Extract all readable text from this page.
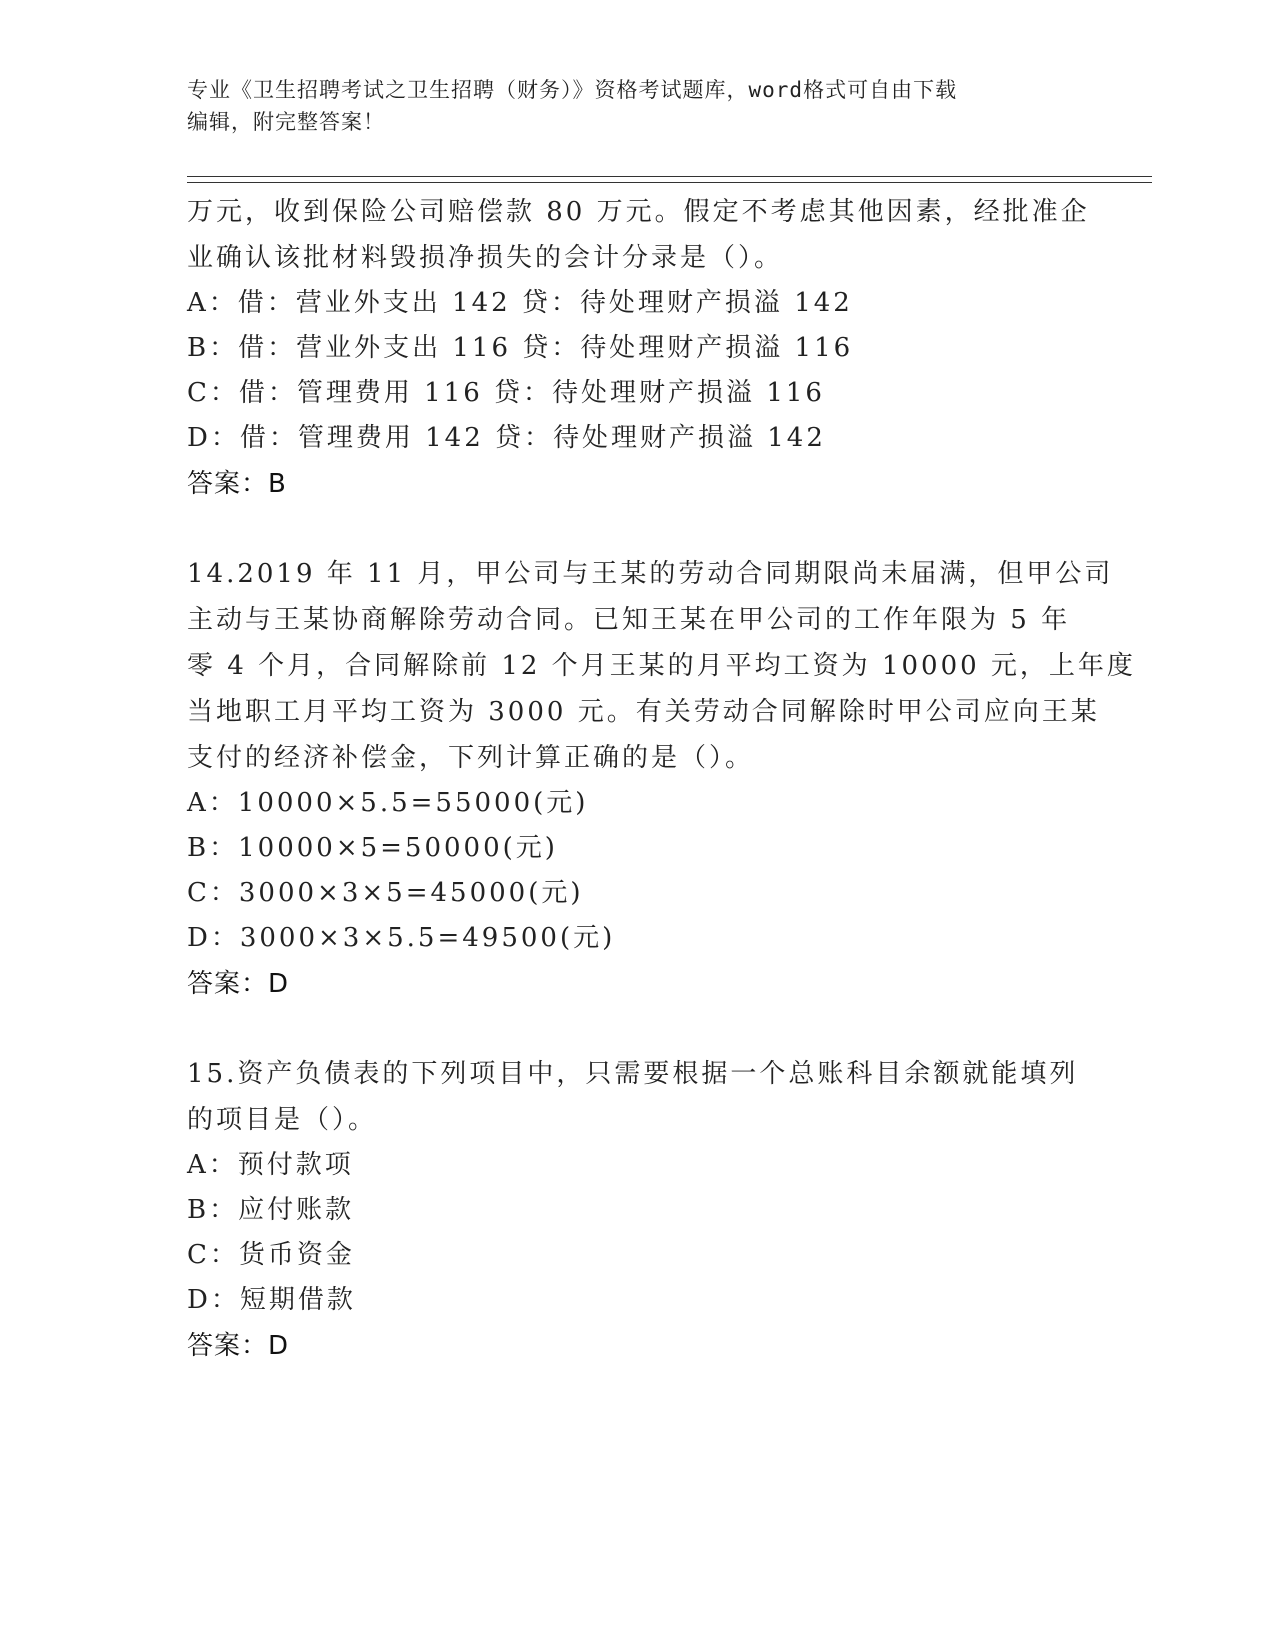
专业《卫生招聘考试之卫生招聘（财务）》资格考试题库，word格式可自由下载
编辑，附完整答案！
万元，收到保险公司赔偿款 80 万元。假定不考虑其他因素，经批准企
业确认该批材料毁损净损失的会计分录是（）。
A：借：营业外支出 142 贷：待处理财产损溢 142
B：借：营业外支出 116 贷：待处理财产损溢 116
C：借：管理费用 116 贷：待处理财产损溢 116
D：借：管理费用 142 贷：待处理财产损溢 142
答案：B
14.2019 年 11 月，甲公司与王某的劳动合同期限尚未届满，但甲公司
主动与王某协商解除劳动合同。已知王某在甲公司的工作年限为 5 年
零 4 个月，合同解除前 12 个月王某的月平均工资为 10000 元，上年度
当地职工月平均工资为 3000 元。有关劳动合同解除时甲公司应向王某
支付的经济补偿金，下列计算正确的是（）。
A：10000×5.5=55000(元)
B：10000×5=50000(元)
C：3000×3×5=45000(元)
D：3000×3×5.5=49500(元)
答案：D
15.资产负债表的下列项目中，只需要根据一个总账科目余额就能填列
的项目是（）。
A：预付款项
B：应付账款
C：货币资金
D：短期借款
答案：D
